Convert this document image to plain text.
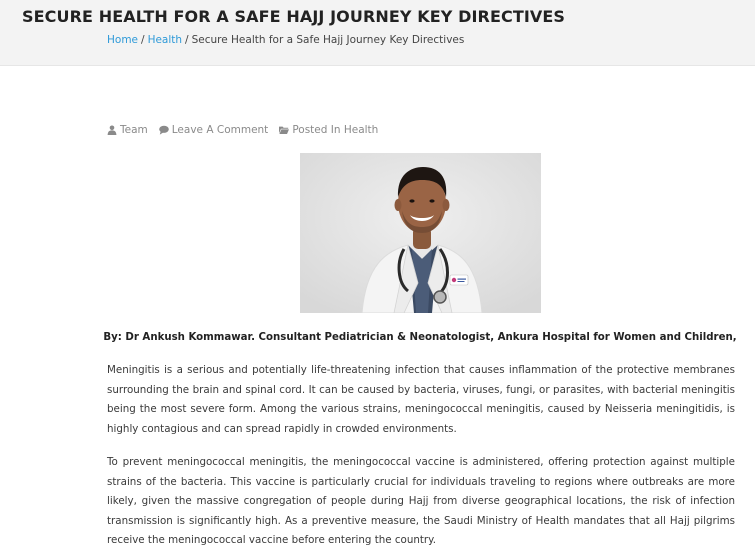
SECURE HEALTH FOR A SAFE HAJJ JOURNEY KEY DIRECTIVES
Home / Health / Secure Health for a Safe Hajj Journey Key Directives
Team Leave A Comment Posted In Health

By: Dr Ankush Kommawar. Consultant Pediatrician & Neonatologist, Ankura Hospital for Women and Children,

Meningitis is a serious and potentially life-threatening infection that causes inflammation of the protective membranes
surrounding the brain and spinal cord. It can be caused by bacteria, viruses, fungi, or parasites, with bacterial meningitis
being the most severe form. Among the various strains, meningococcal meningitis, caused by Neisseria meningitidis, is
highly contagious and can spread rapidly in crowded environments.
To prevent meningococcal meningitis, the meningococcal vaccine is administered, offering protection against multiple
strains of the bacteria. This vaccine is particularly crucial for individuals traveling to regions where outbreaks are more
likely, given the massive congregation of people during Hajj from diverse geographical locations, the risk of infection
transmission is significantly high. As a preventive measure, the Saudi Ministry of Health mandates that all Hajj pilgrims
receive the meningococcal vaccine before entering the country.
